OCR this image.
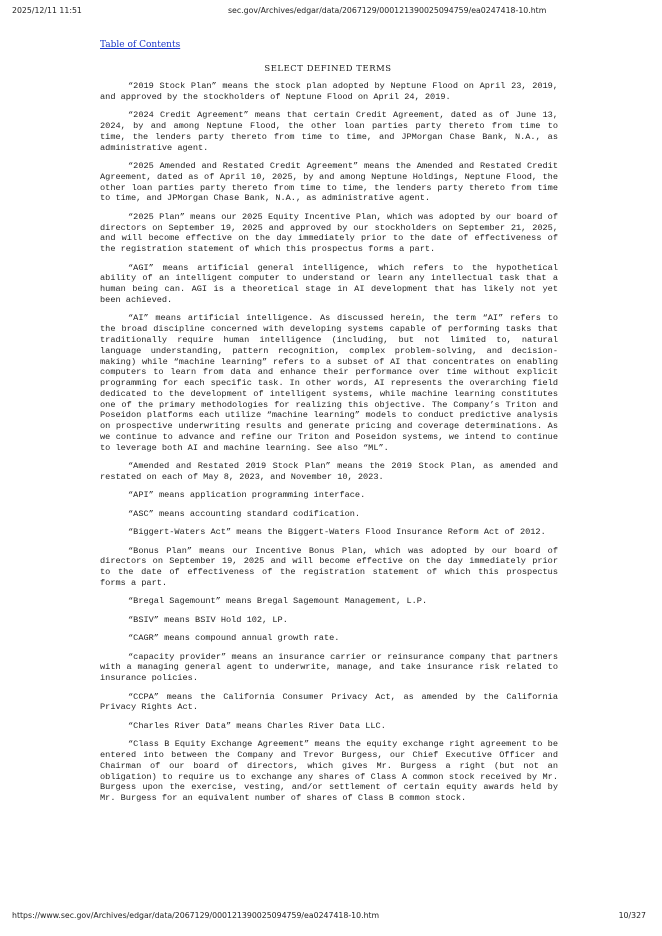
2025/12/11 11:51	sec.gov/Archives/edgar/data/2067129/000121390025094759/ea0247418-10.htm
Table of Contents
SELECT DEFINED TERMS

“2019 Stock Plan” means the stock plan adopted by Neptune Flood on April 23, 2019, and approved by the stockholders of Neptune Flood on April 24, 2019.

“2024 Credit Agreement” means that certain Credit Agreement, dated as of June 13, 2024, by and among Neptune Flood, the other loan parties party thereto from time to time, the lenders party thereto from time to time, and JPMorgan Chase Bank, N.A., as administrative agent.

“2025 Amended and Restated Credit Agreement” means the Amended and Restated Credit Agreement, dated as of April 10, 2025, by and among Neptune Holdings, Neptune Flood, the other loan parties party thereto from time to time, the lenders party thereto from time to time, and JPMorgan Chase Bank, N.A., as administrative agent.

“2025 Plan” means our 2025 Equity Incentive Plan, which was adopted by our board of directors on September 19, 2025 and approved by our stockholders on September 21, 2025, and will become effective on the day immediately prior to the date of effectiveness of the registration statement of which this prospectus forms a part.

“AGI” means artificial general intelligence, which refers to the hypothetical ability of an intelligent computer to understand or learn any intellectual task that a human being can. AGI is a theoretical stage in AI development that has likely not yet been achieved.

“AI” means artificial intelligence. As discussed herein, the term “AI” refers to the broad discipline concerned with developing systems capable of performing tasks that traditionally require human intelligence (including, but not limited to, natural language understanding, pattern recognition, complex problem-solving, and decision-making) while “machine learning” refers to a subset of AI that concentrates on enabling computers to learn from data and enhance their performance over time without explicit programming for each specific task. In other words, AI represents the overarching field dedicated to the development of intelligent systems, while machine learning constitutes one of the primary methodologies for realizing this objective. The Company’s Triton and Poseidon platforms each utilize “machine learning” models to conduct predictive analysis on prospective underwriting results and generate pricing and coverage determinations. As we continue to advance and refine our Triton and Poseidon systems, we intend to continue to leverage both AI and machine learning. See also “ML”.

“Amended and Restated 2019 Stock Plan” means the 2019 Stock Plan, as amended and restated on each of May 8, 2023, and November 10, 2023.

“API” means application programming interface.

“ASC” means accounting standard codification.

“Biggert-Waters Act” means the Biggert-Waters Flood Insurance Reform Act of 2012.

“Bonus Plan” means our Incentive Bonus Plan, which was adopted by our board of directors on September 19, 2025 and will become effective on the day immediately prior to the date of effectiveness of the registration statement of which this prospectus forms a part.

“Bregal Sagemount” means Bregal Sagemount Management, L.P.

“BSIV” means BSIV Hold 102, LP.

“CAGR” means compound annual growth rate.

“capacity provider” means an insurance carrier or reinsurance company that partners with a managing general agent to underwrite, manage, and take insurance risk related to insurance policies.

“CCPA” means the California Consumer Privacy Act, as amended by the California Privacy Rights Act.

“Charles River Data” means Charles River Data LLC.

“Class B Equity Exchange Agreement” means the equity exchange right agreement to be entered into between the Company and Trevor Burgess, our Chief Executive Officer and Chairman of our board of directors, which gives Mr. Burgess a right (but not an obligation) to require us to exchange any shares of Class A common stock received by Mr. Burgess upon the exercise, vesting, and/or settlement of certain equity awards held by Mr. Burgess for an equivalent number of shares of Class B common stock.

https://www.sec.gov/Archives/edgar/data/2067129/000121390025094759/ea0247418-10.htm	10/327
